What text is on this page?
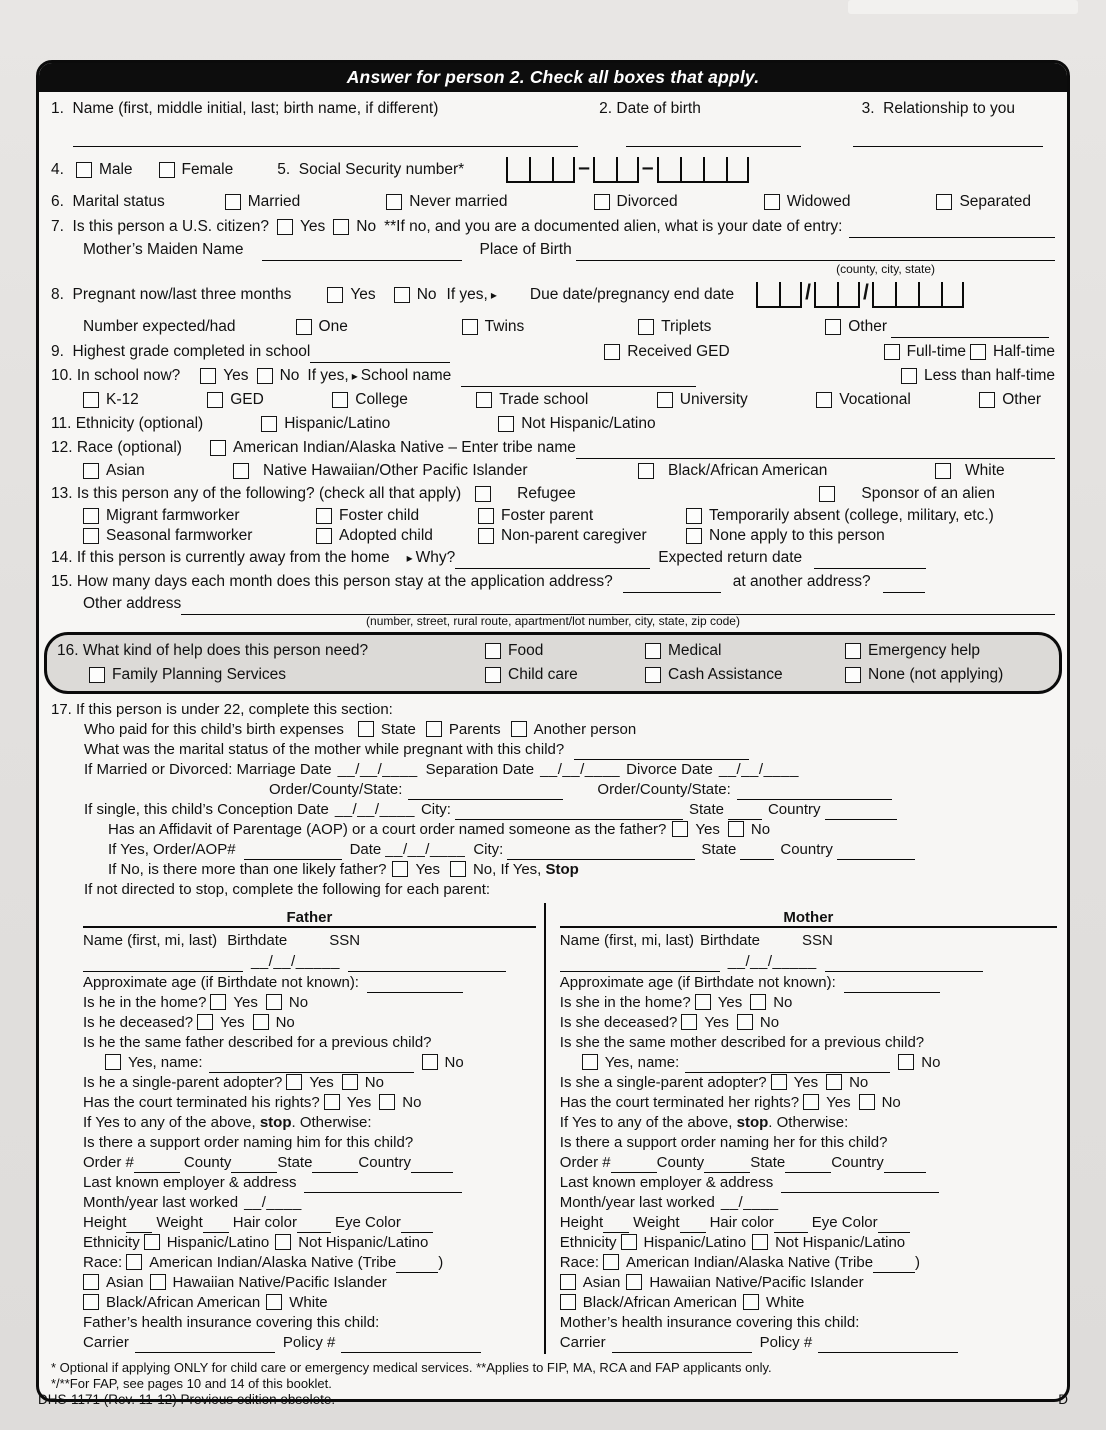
Answer for person 2. Check all boxes that apply.
1.  Name (first, middle initial, last; birth name, if different)	2. Date of birth	3.  Relationship to you
4. Male	Female	5.  Social Security number*	– –
6.  Marital status	Married	Never married	Divorced	Widowed	Separated
7.  Is this person a U.S. citizen? Yes No **If no, and you are a documented alien, what is your date of entry:
Mother’s Maiden Name	Place of Birth
(county, city, state)
8.  Pregnant now/last three months	Yes	No If yes, ▸ Due date/pregnancy end date	/ /
Number expected/had	One	Twins	Triplets	Other
9.  Highest grade completed in school	Received GED	Full-time Half-time
10. In school now?	Yes No If yes, ▸ School name	Less than half-time
K-12	GED	College	Trade school	University	Vocational	Other
11. Ethnicity (optional)	Hispanic/Latino	Not Hispanic/Latino
12. Race (optional)	American Indian/Alaska Native – Enter tribe name
Asian	Native Hawaiian/Other Pacific Islander	Black/African American	White
13. Is this person any of the following? (check all that apply)	Refugee	Sponsor of an alien
Migrant farmworker	Foster child	Foster parent	Temporarily absent (college, military, etc.)
Seasonal farmworker	Adopted child	Non-parent caregiver	None apply to this person
14. If this person is currently away from the home ▸ Why?	Expected return date
15. How many days each month does this person stay at the application address?	at another address?
Other address
(number, street, rural route, apartment/lot number, city, state, zip code)
16. What kind of help does this person need?	Food	Medical	Emergency help
Family Planning Services	Child care	Cash Assistance	None (not applying)
17. If this person is under 22, complete this section:
Who paid for this child’s birth expenses State Parents Another person
What was the marital status of the mother while pregnant with this child?
If Married or Divorced: Marriage Date __/__/____ Separation Date __/__/____ Divorce Date __/__/____
Order/County/State:	Order/County/State:
If single, this child’s Conception Date __/__/____ City:	State	Country
Has an Affidavit of Parentage (AOP) or a court order named someone as the father? Yes No
If Yes, Order/AOP#	Date __/__/____ City:	State	Country
If No, is there more than one likely father? Yes No, If Yes, Stop
If not directed to stop, complete the following for each parent:
Father
Name (first, mi, last) Birthdate	SSN
__/__/_____
Approximate age (if Birthdate not known):
Is he in the home? Yes No
Is he deceased? Yes No
Is he the same father described for a previous child?
Yes, name:	No
Is he a single-parent adopter? Yes No
Has the court terminated his rights? Yes No
If Yes to any of the above, stop . Otherwise:
Is there a support order naming him for this child?
Order #	County	State	Country
Last known employer & address
Month/year last worked __/____
Height Weight Hair color	Eye Color
Ethnicity Hispanic/Latino Not Hispanic/Latino
Race: American Indian/Alaska Native (Tribe	)
Asian Hawaiian Native/Pacific Islander
Black/African American White
Father’s health insurance covering this child:
Carrier	Policy #
Mother
Name (first, mi, last) Birthdate	SSN
__/__/_____
Approximate age (if Birthdate not known):
Is she in the home? Yes No
Is she deceased? Yes No
Is she the same mother described for a previous child?
Yes, name:	No
Is she a single-parent adopter? Yes No
Has the court terminated her rights? Yes No
If Yes to any of the above, stop . Otherwise:
Is there a support order naming her for this child?
Order #	County	State	Country
Last known employer & address
Month/year last worked __/____
Height Weight Hair color	Eye Color
Ethnicity Hispanic/Latino Not Hispanic/Latino
Race: American Indian/Alaska Native (Tribe	)
Asian Hawaiian Native/Pacific Islander
Black/African American White
Mother’s health insurance covering this child:
Carrier	Policy #
* Optional if applying ONLY for child care or emergency medical services. **Applies to FIP, MA, RCA and FAP applicants only.
*/**For FAP, see pages 10 and 14 of this booklet.
DHS-1171 (Rev. 11-12) Previous edition obsolete.	D
